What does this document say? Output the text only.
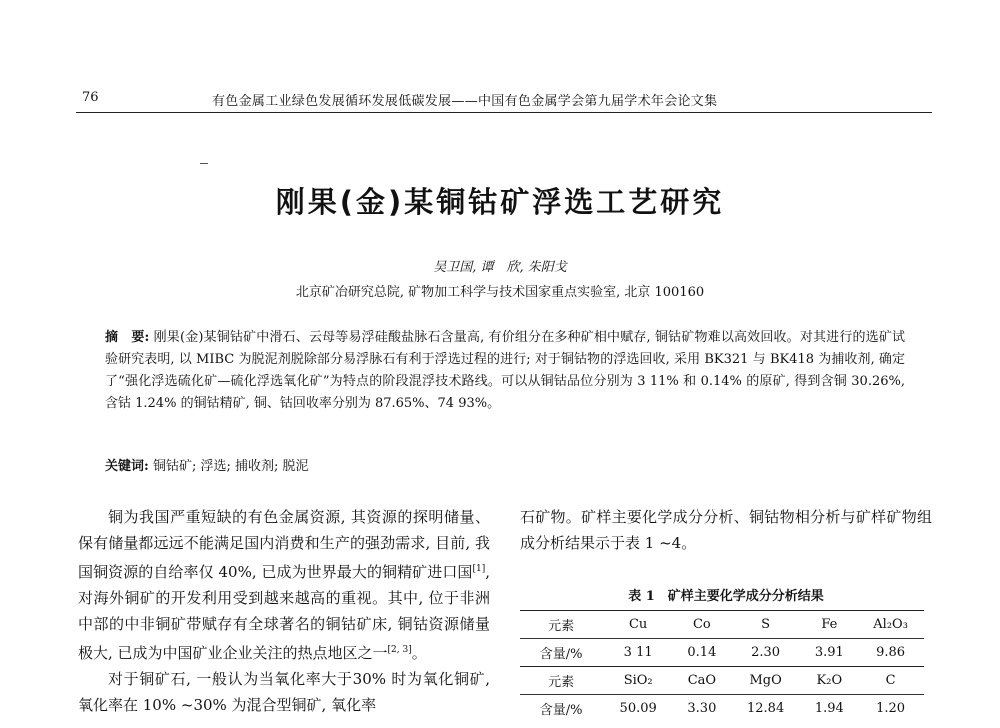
76	有色金属工业绿色发展循环发展低碳发展——中国有色金属学会第九届学术年会论文集
刚果(金)某铜钴矿浮选工艺研究
吴卫国, 谭　欣, 朱阳戈
北京矿冶研究总院, 矿物加工科学与技术国家重点实验室, 北京 100160
摘　要: 刚果(金)某铜钴矿中滑石、云母等易浮硅酸盐脉石含量高, 有价组分在多种矿相中赋存, 铜钴矿物难以高效回收。对其进行的选矿试验研究表明, 以 MIBC 为脱泥剂脱除部分易浮脉石有利于浮选过程的进行; 对于铜钴物的浮选回收, 采用 BK321 与 BK418 为捕收剂, 确定了“强化浮选硫化矿—硫化浮选氧化矿”为特点的阶段混浮技术路线。可以从铜钴品位分别为 3 11% 和 0.14% 的原矿, 得到含铜 30.26%, 含钴 1.24% 的铜钴精矿, 铜、钴回收率分别为 87.65%、74 93%。
关键词: 铜钴矿; 浮选; 捕收剂; 脱泥

铜为我国严重短缺的有色金属资源, 其资源的探明储量、保有储量都远远不能满足国内消费和生产的强劲需求, 目前, 我国铜资源的自给率仅 40%, 已成为世界最大的铜精矿进口国[1], 对海外铜矿的开发利用受到越来越高的重视。其中, 位于非洲中部的中非铜矿带赋存有全球著名的铜钴矿床, 铜钴资源储量极大, 已成为中国矿业企业关注的热点地区之一[2, 3]。

对于铜矿石, 一般认为当氧化率大于30% 时为氧化铜矿, 氧化率在 10% ~30% 为混合型铜矿, 氧化率

石矿物。矿样主要化学成分分析、铜钴物相分析与矿样矿物组成分析结果示于表 1 ~4。

表 1　矿样主要化学成分分析结果
元素	Cu	Co	S	Fe	Al₂O₃
含量/%	3 11	0.14	2.30	3.91	9.86
元素	SiO₂	CaO	MgO	K₂O	C
含量/%	50.09	3.30	12.84	1.94	1.20
